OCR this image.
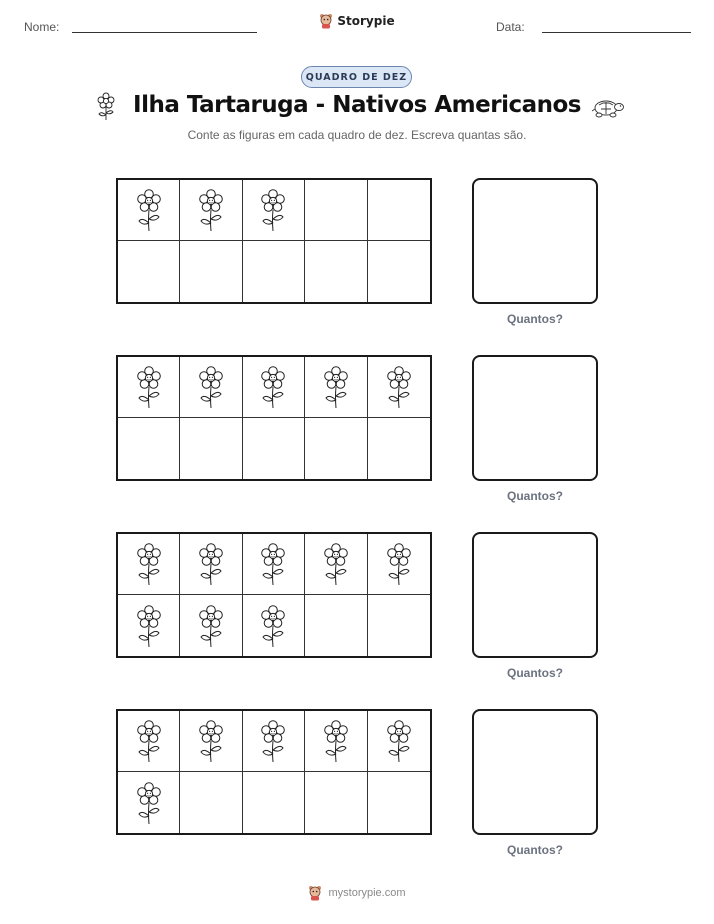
Nome:	Data:
Storypie
QUADRO DE DEZ
Ilha Tartaruga - Nativos Americanos
Conte as figuras em cada quadro de dez. Escreva quantas são.
Quantos?
Quantos?
Quantos?
Quantos?
mystorypie.com
